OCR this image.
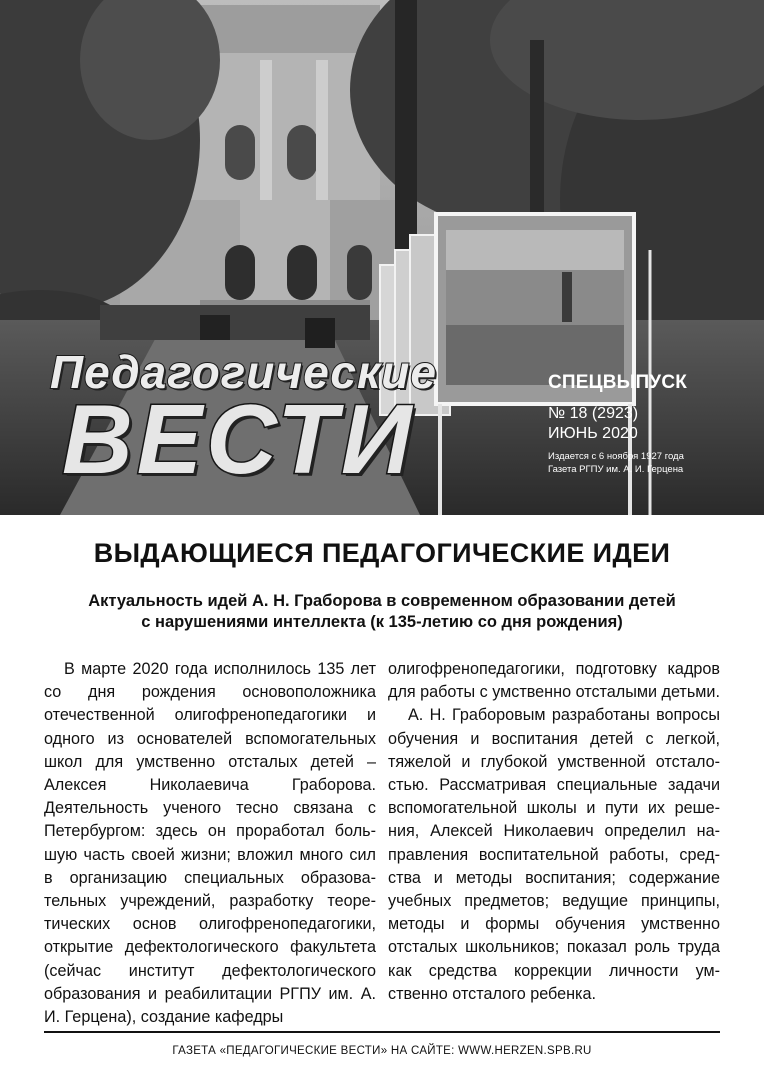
Педагогические
ВЕСТИ
СПЕЦВЫПУСК
№ 18 (2923)
ИЮНЬ 2020
Издается с 6 ноября 1927 года
Газета РГПУ им. А. И. Герцена
ВЫДАЮЩИЕСЯ ПЕДАГОГИЧЕСКИЕ ИДЕИ
Актуальность идей А. Н. Граборова в современном образовании детей
с нарушениями интеллекта (к 135-летию со дня рождения)

В марте 2020 года исполнилось 135 лет со дня рождения основоположника отечественной олигофренопедагогики и одного из основателей вспомогательных школ для умственно отсталых детей – Алексея Николаевича Граборова. Деятельность ученого тесно связана с Петербургом: здесь он проработал большую часть своей жизни; вложил много сил в организацию специальных образовательных учреждений, разработку теоретических основ олигофренопедагогики, открытие дефектологического факультета (сейчас институт дефектологического образования и реабилитации РГПУ им. А. И. Герцена), создание кафедры

олигофренопедагогики, подготовку кадров для работы с умственно отсталыми детьми.

А. Н. Граборовым разработаны вопросы обучения и воспитания детей с легкой, тяжелой и глубокой умственной отсталостью. Рассматривая специальные задачи вспомогательной школы и пути их решения, Алексей Николаевич определил направления воспитательной работы, средства и методы воспитания; содержание учебных предметов; ведущие принципы, методы и формы обучения умственно отсталых школьников; показал роль труда как средства коррекции личности умственно отсталого ребенка.

ГАЗЕТА «ПЕДАГОГИЧЕСКИЕ ВЕСТИ» НА САЙТЕ: WWW.HERZEN.SPB.RU
